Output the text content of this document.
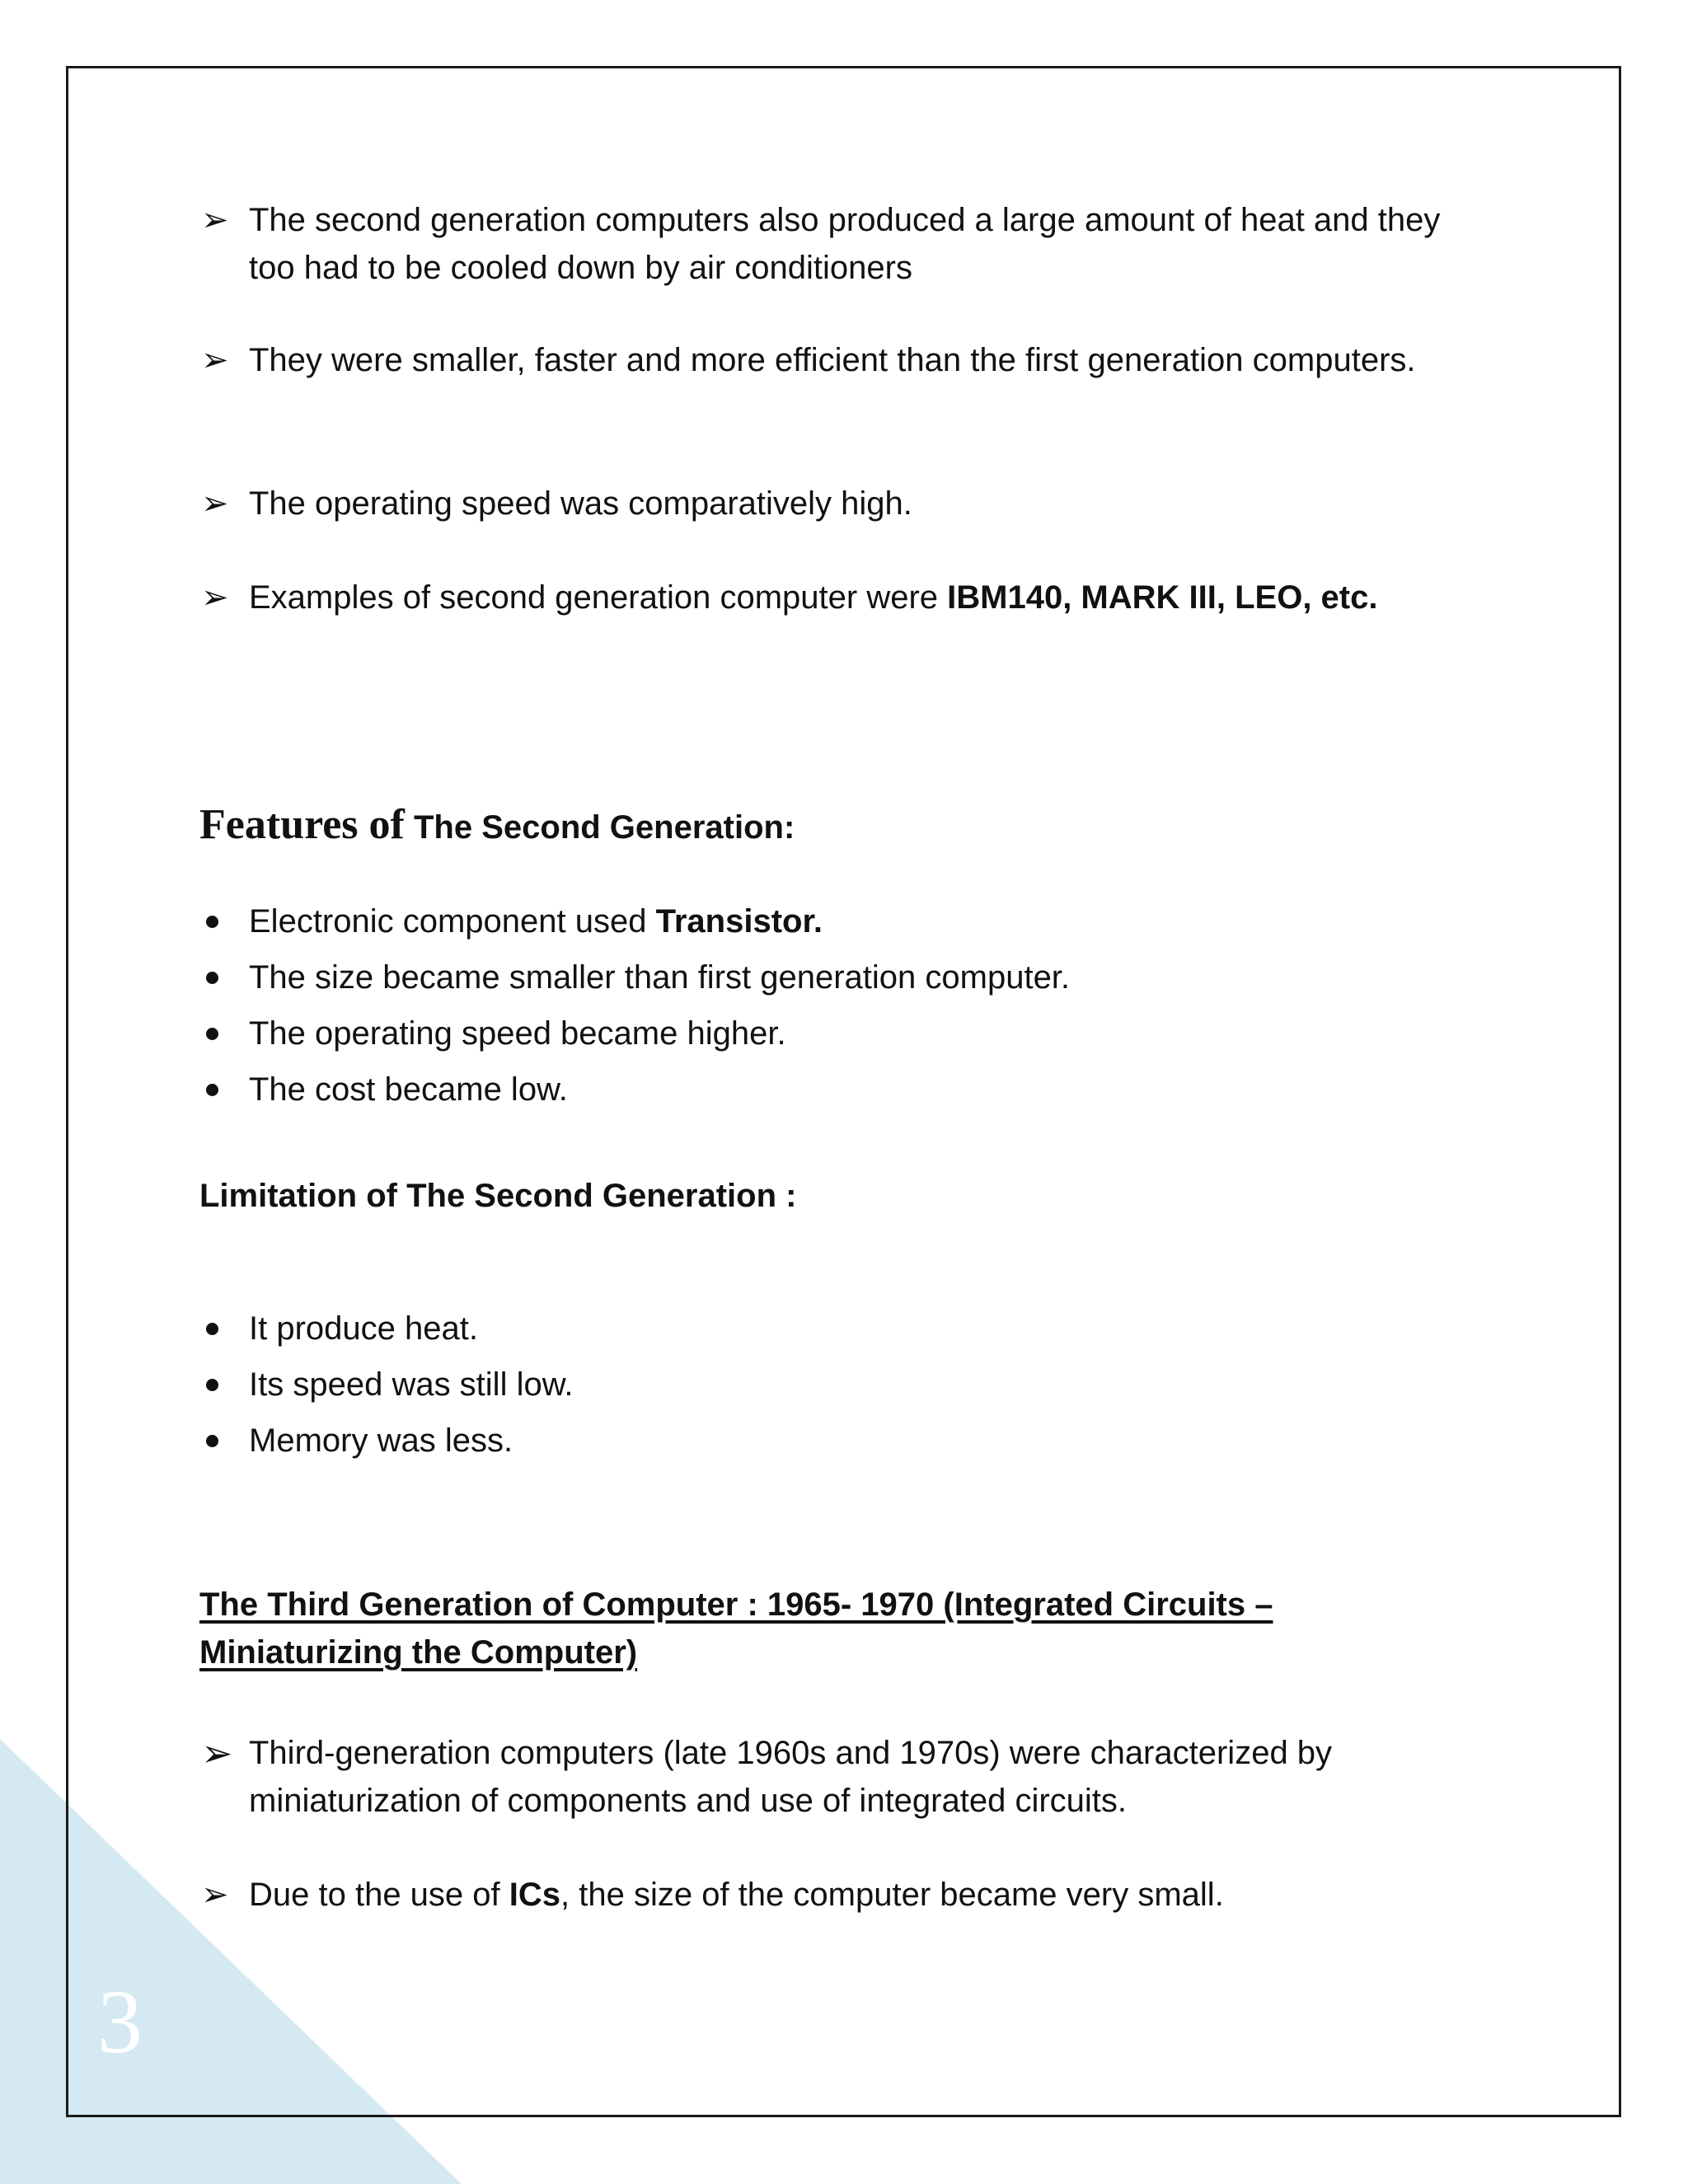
3
➢ The second generation computers also produced a large amount of heat and they too had to be cooled down by air conditioners
➢ They were smaller, faster and more efficient than the first generation computers.
➢ The operating speed was comparatively high.
➢ Examples of second generation computer were IBM140, MARK III, LEO, etc.
Features of The Second Generation:
Electronic component used Transistor.
The size became smaller than first generation computer.
The operating speed became higher.
The cost became low.
Limitation of The Second Generation :
It produce heat.
Its speed was still low.
Memory was less.
The Third Generation of Computer : 1965- 1970 (Integrated Circuits – Miniaturizing the Computer)
➢ Third-generation computers (late 1960s and 1970s) were characterized by miniaturization of components and use of integrated circuits.
➢ Due to the use of ICs, the size of the computer became very small.
